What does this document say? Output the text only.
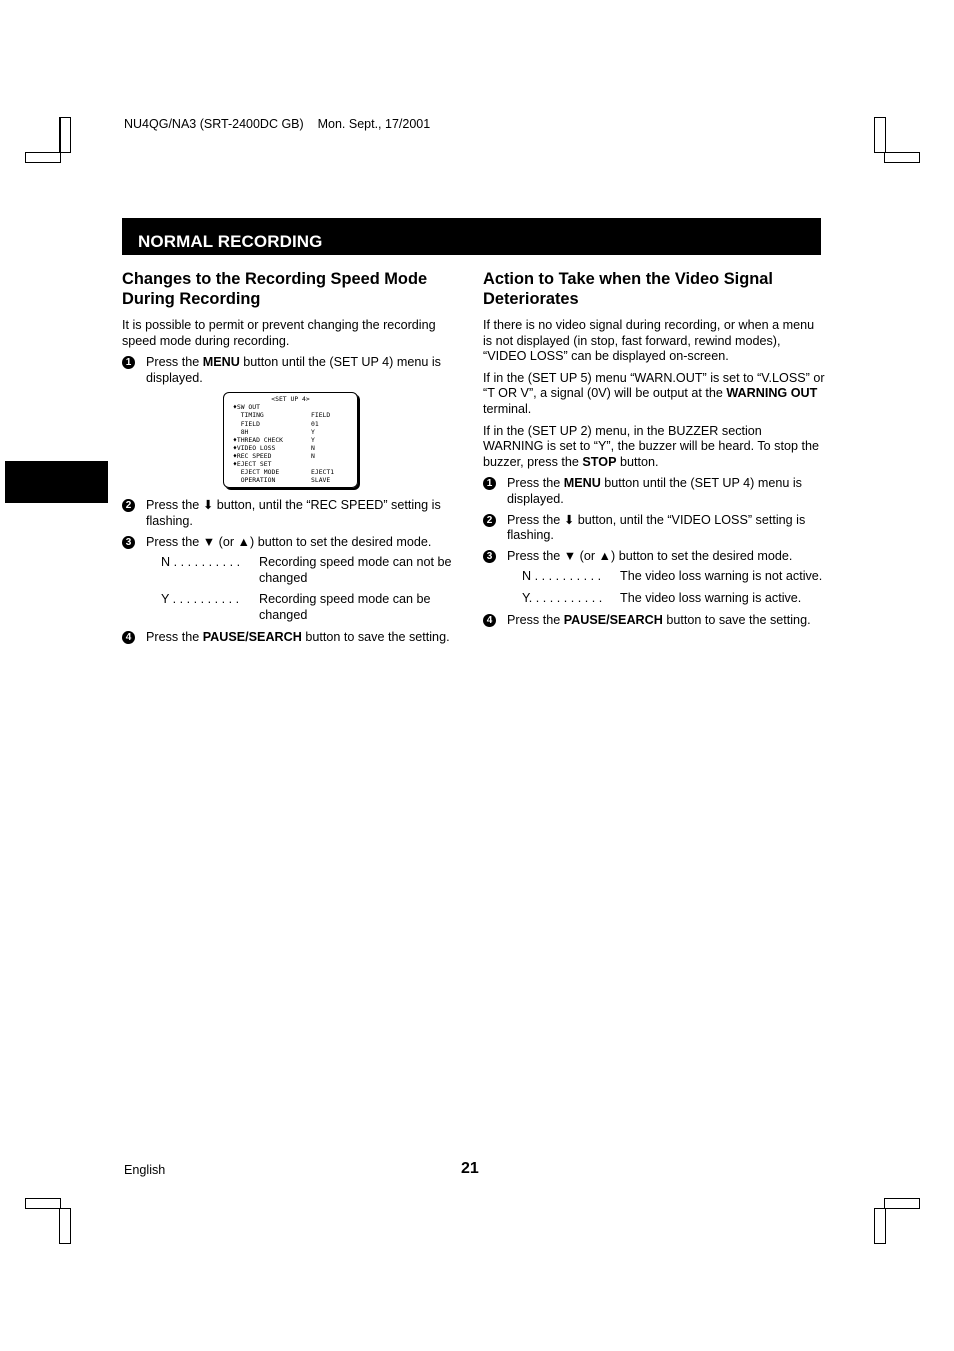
NU4QG/NA3 (SRT-2400DC GB) Mon. Sept., 17/2001
NORMAL RECORDING
Changes to the Recording Speed Mode During Recording

It is possible to permit or prevent changing the recording speed mode during recording.

1 Press the MENU button until the (SET UP 4) menu is displayed.
<SET UP 4>
♦SW OUT
TIMING	FIELD
FIELD	01
8H	Y
♦THREAD CHECK	Y
♦VIDEO LOSS	N
♦REC SPEED	N
♦EJECT SET
EJECT MODE	EJECT1
OPERATION	SLAVE
2 Press the ⬇ button, until the “REC SPEED” setting is flashing.
3 Press the ▼ (or ▲) button to set the desired mode.
N . . . . . . . . . . Recording speed mode can not be changed
Y . . . . . . . . . . Recording speed mode can be changed
4 Press the PAUSE/SEARCH button to save the setting.
Action to Take when the Video Signal Deteriorates

If there is no video signal during recording, or when a menu is not displayed (in stop, fast forward, rewind modes), “VIDEO LOSS” can be displayed on-screen.

If in the (SET UP 5) menu “WARN.OUT” is set to “V.LOSS” or “T OR V”, a signal (0V) will be output at the WARNING OUT terminal.

If in the (SET UP 2) menu, in the BUZZER section WARNING is set to “Y”, the buzzer will be heard. To stop the buzzer, press the STOP button.

1 Press the MENU button until the (SET UP 4) menu is displayed.
2 Press the ⬇ button, until the “VIDEO LOSS” setting is flashing.
3 Press the ▼ (or ▲) button to set the desired mode.
N . . . . . . . . . . The video loss warning is not active.
Y. . . . . . . . . . . The video loss warning is active.
4 Press the PAUSE/SEARCH button to save the setting.
English	21
